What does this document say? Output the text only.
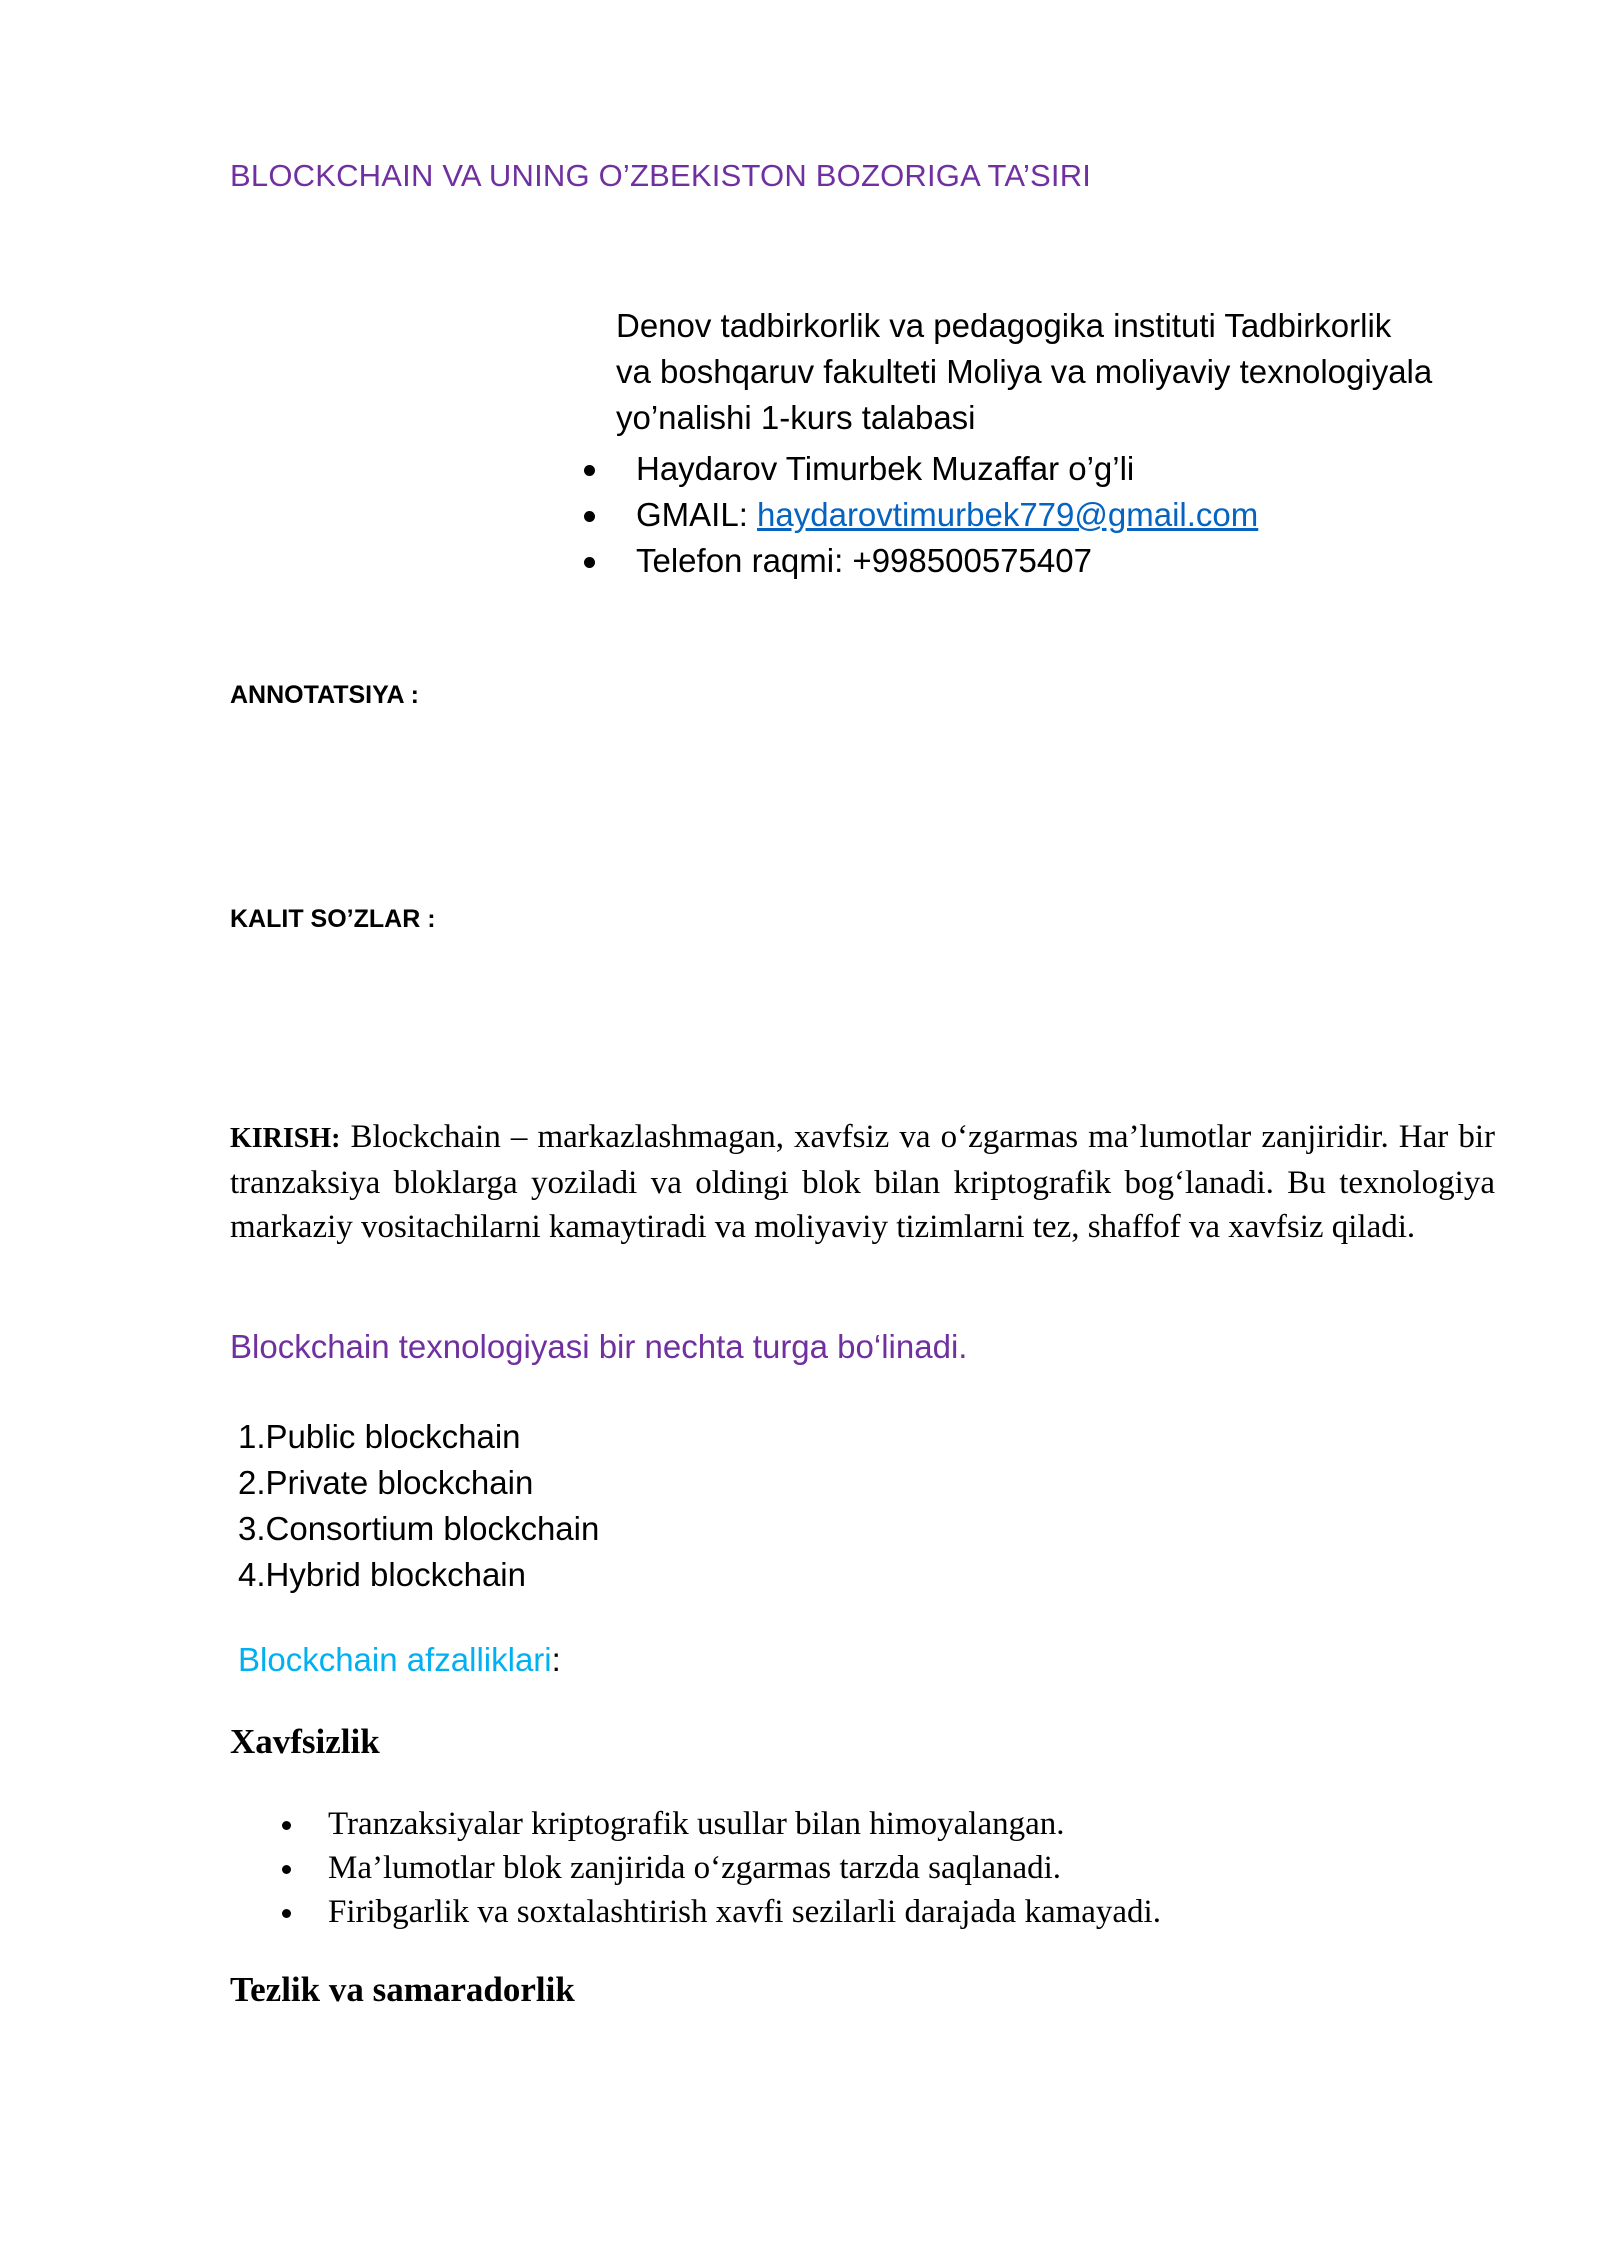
BLOCKCHAIN VA UNING O’ZBEKISTON BOZORIGA TA’SIRI
Denov tadbirkorlik va pedagogika instituti Tadbirkorlik
va boshqaruv fakulteti Moliya va moliyaviy texnologiyala
yo’nalishi 1-kurs talabasi
Haydarov Timurbek Muzaffar o’g’li
GMAIL: haydarovtimurbek779@gmail.com
Telefon raqmi: +998500575407
ANNOTATSIYA :
KALIT SO’ZLAR :

KIRISH: Blockchain – markazlashmagan, xavfsiz va o‘zgarmas ma’lumotlar zanjiridir. Har bir tranzaksiya bloklarga yoziladi va oldingi blok bilan kriptografik bog‘lanadi. Bu texnologiya markaziy vositachilarni kamaytiradi va moliyaviy tizimlarni tez, shaffof va xavfsiz qiladi.

Blockchain texnologiyasi bir nechta turga bo‘linadi.
1.Public blockchain
2.Private blockchain
3.Consortium blockchain
4.Hybrid blockchain
Blockchain afzalliklari:
Xavfsizlik
Tranzaksiyalar kriptografik usullar bilan himoyalangan.
Ma’lumotlar blok zanjirida o‘zgarmas tarzda saqlanadi.
Firibgarlik va soxtalashtirish xavfi sezilarli darajada kamayadi.
Tezlik va samaradorlik
